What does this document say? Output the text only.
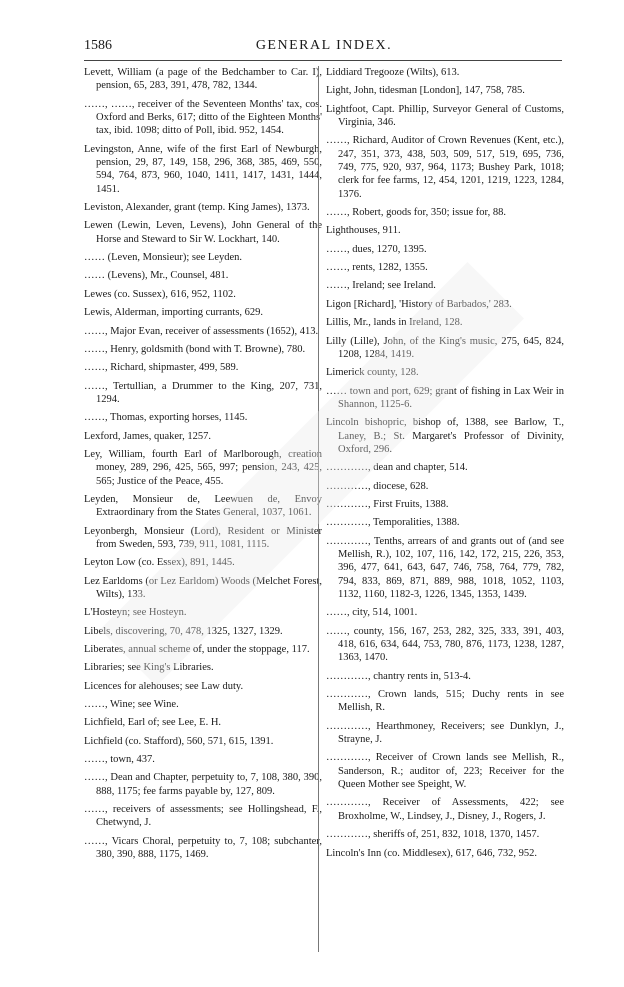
1586	GENERAL INDEX.

Levett, William (a page of the Bedchamber to Car. I), pension, 65, 283, 391, 478, 782, 1344.

……, ……, receiver of the Seventeen Months' tax, cos. Oxford and Berks, 617; ditto of the Eighteen Months' tax, ibid. 1098; ditto of Poll, ibid. 952, 1454.

Levingston, Anne, wife of the first Earl of Newburgh, pension, 29, 87, 149, 158, 296, 368, 385, 469, 550, 594, 764, 873, 960, 1040, 1411, 1417, 1431, 1444, 1451.

Leviston, Alexander, grant (temp. King James), 1373.

Lewen (Lewin, Leven, Levens), John General of the Horse and Steward to Sir W. Lockhart, 140.

…… (Leven, Monsieur); see Leyden.

…… (Levens), Mr., Counsel, 481.

Lewes (co. Sussex), 616, 952, 1102.

Lewis, Alderman, importing currants, 629.

……, Major Evan, receiver of assessments (1652), 413.

……, Henry, goldsmith (bond with T. Browne), 780.

……, Richard, shipmaster, 499, 589.

……, Tertullian, a Drummer to the King, 207, 731, 1294.

……, Thomas, exporting horses, 1145.

Lexford, James, quaker, 1257.

Ley, William, fourth Earl of Marlborough, creation money, 289, 296, 425, 565, 997; pension, 243, 425, 565; Justice of the Peace, 455.

Leyden, Monsieur de, Leewuen de, Envoy Extraordinary from the States General, 1037, 1061.

Leyonbergh, Monsieur (Lord), Resident or Minister from Sweden, 593, 739, 911, 1081, 1115.

Leyton Low (co. Essex), 891, 1445.

Lez Earldoms (or Lez Earldom) Woods (Melchet Forest, Wilts), 133.

L'Hosteyn; see Hosteyn.

Libels, discovering, 70, 478, 1325, 1327, 1329.

Liberates, annual scheme of, under the stoppage, 117.

Libraries; see King's Libraries.

Licences for alehouses; see Law duty.

……, Wine; see Wine.

Lichfield, Earl of; see Lee, E. H.

Lichfield (co. Stafford), 560, 571, 615, 1391.

……, town, 437.

……, Dean and Chapter, perpetuity to, 7, 108, 380, 390, 888, 1175; fee farms payable by, 127, 809.

……, receivers of assessments; see Hollingshead, F., Chetwynd, J.

……, Vicars Choral, perpetuity to, 7, 108; subchanter, 380, 390, 888, 1175, 1469.

Liddiard Tregooze (Wilts), 613.

Light, John, tidesman [London], 147, 758, 785.

Lightfoot, Capt. Phillip, Surveyor General of Customs, Virginia, 346.

……, Richard, Auditor of Crown Revenues (Kent, etc.), 247, 351, 373, 438, 503, 509, 517, 519, 695, 736, 749, 775, 920, 937, 964, 1173; Bushey Park, 1018; clerk for fee farms, 12, 454, 1201, 1219, 1223, 1284, 1376.

……, Robert, goods for, 350; issue for, 88.

Lighthouses, 911.

……, dues, 1270, 1395.

……, rents, 1282, 1355.

……, Ireland; see Ireland.

Ligon [Richard], 'History of Barbados,' 283.

Lillis, Mr., lands in Ireland, 128.

Lilly (Lille), John, of the King's music, 275, 645, 824, 1208, 1284, 1419.

Limerick county, 128.

…… town and port, 629; grant of fishing in Lax Weir in Shannon, 1125-6.

Lincoln bishopric, bishop of, 1388, see Barlow, T., Laney, B.; St. Margaret's Professor of Divinity, Oxford, 296.

…………, dean and chapter, 514.

…………, diocese, 628.

…………, First Fruits, 1388.

…………, Temporalities, 1388.

…………, Tenths, arrears of and grants out of (and see Mellish, R.), 102, 107, 116, 142, 172, 215, 226, 353, 396, 477, 641, 643, 647, 746, 758, 764, 779, 782, 794, 833, 869, 871, 889, 988, 1018, 1052, 1103, 1132, 1160, 1182-3, 1226, 1345, 1353, 1439.

……, city, 514, 1001.

……, county, 156, 167, 253, 282, 325, 333, 391, 403, 418, 616, 634, 644, 753, 780, 876, 1173, 1238, 1287, 1363, 1470.

…………, chantry rents in, 513-4.

…………, Crown lands, 515; Duchy rents in see Mellish, R.

…………, Hearthmoney, Receivers; see Dunklyn, J., Strayne, J.

…………, Receiver of Crown lands see Mellish, R., Sanderson, R.; auditor of, 223; Receiver for the Queen Mother see Speight, W.

…………, Receiver of Assessments, 422; see Broxholme, W., Lindsey, J., Disney, J., Rogers, J.

…………, sheriffs of, 251, 832, 1018, 1370, 1457.

Lincoln's Inn (co. Middlesex), 617, 646, 732, 952.
